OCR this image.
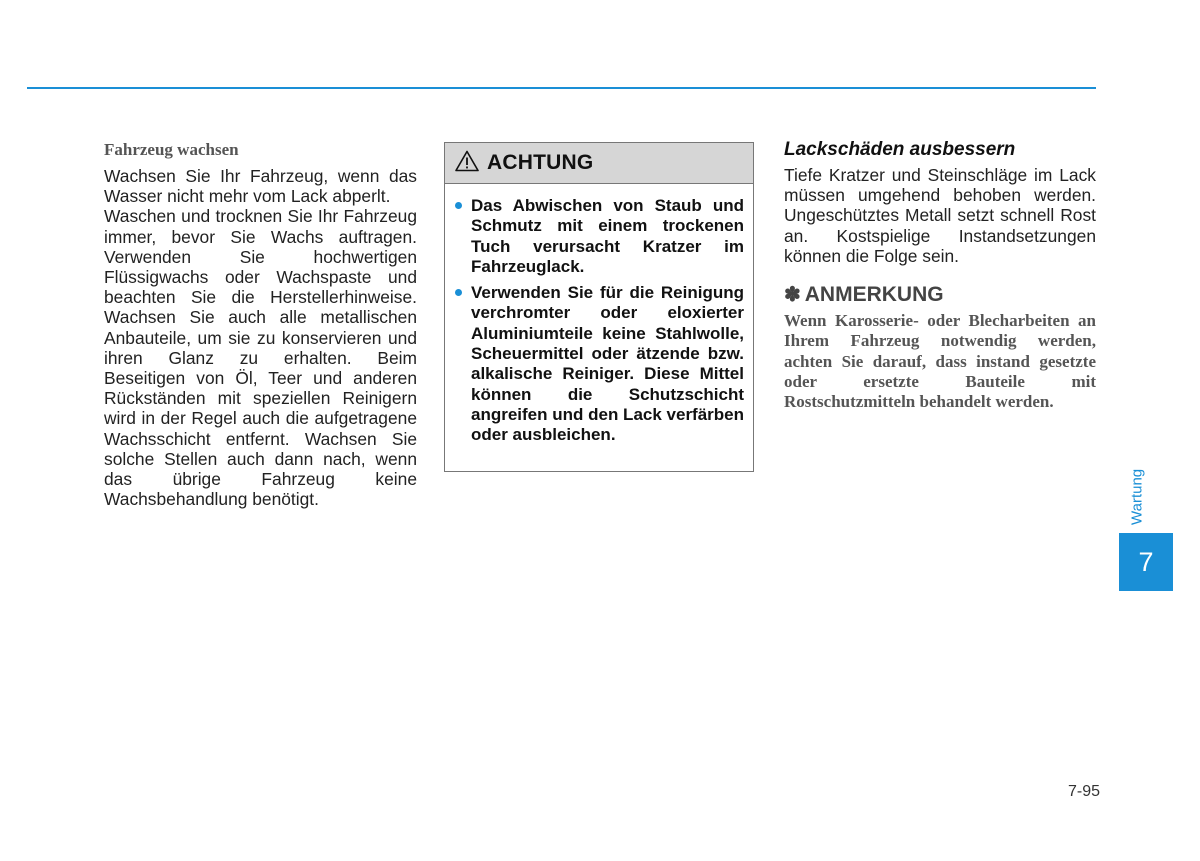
Fahrzeug wachsen

Wachsen Sie Ihr Fahrzeug, wenn das Wasser nicht mehr vom Lack abperlt.

Waschen und trocknen Sie Ihr Fahrzeug immer, bevor Sie Wachs auftragen. Verwenden Sie hochwertigen Flüssigwachs oder Wachspaste und beachten Sie die Herstellerhinweise. Wachsen Sie auch alle metallischen Anbauteile, um sie zu konservieren und ihren Glanz zu erhalten. Beim Beseitigen von Öl, Teer und anderen Rückständen mit speziellen Reinigern wird in der Regel auch die aufgetragene Wachsschicht entfernt. Wachsen Sie solche Stellen auch dann nach, wenn das übrige Fahrzeug keine Wachsbehandlung benötigt.

ACHTUNG
Das Abwischen von Staub und Schmutz mit einem trockenen Tuch verursacht Kratzer im Fahrzeuglack.
Verwenden Sie für die Reinigung verchromter oder eloxierter Aluminiumteile keine Stahlwolle, Scheuermittel oder ätzende bzw. alkalische Reiniger. Diese Mittel können die Schutzschicht angreifen und den Lack verfärben oder ausbleichen.
Lackschäden ausbessern

Tiefe Kratzer und Steinschläge im Lack müssen umgehend behoben werden. Ungeschütztes Metall setzt schnell Rost an. Kostspielige Instandsetzungen können die Folge sein.

✽ ANMERKUNG

Wenn Karosserie- oder Blecharbeiten an Ihrem Fahrzeug notwendig werden, achten Sie darauf, dass instand gesetzte oder ersetzte Bauteile mit Rostschutzmitteln behandelt werden.

Wartung
7
7-95
